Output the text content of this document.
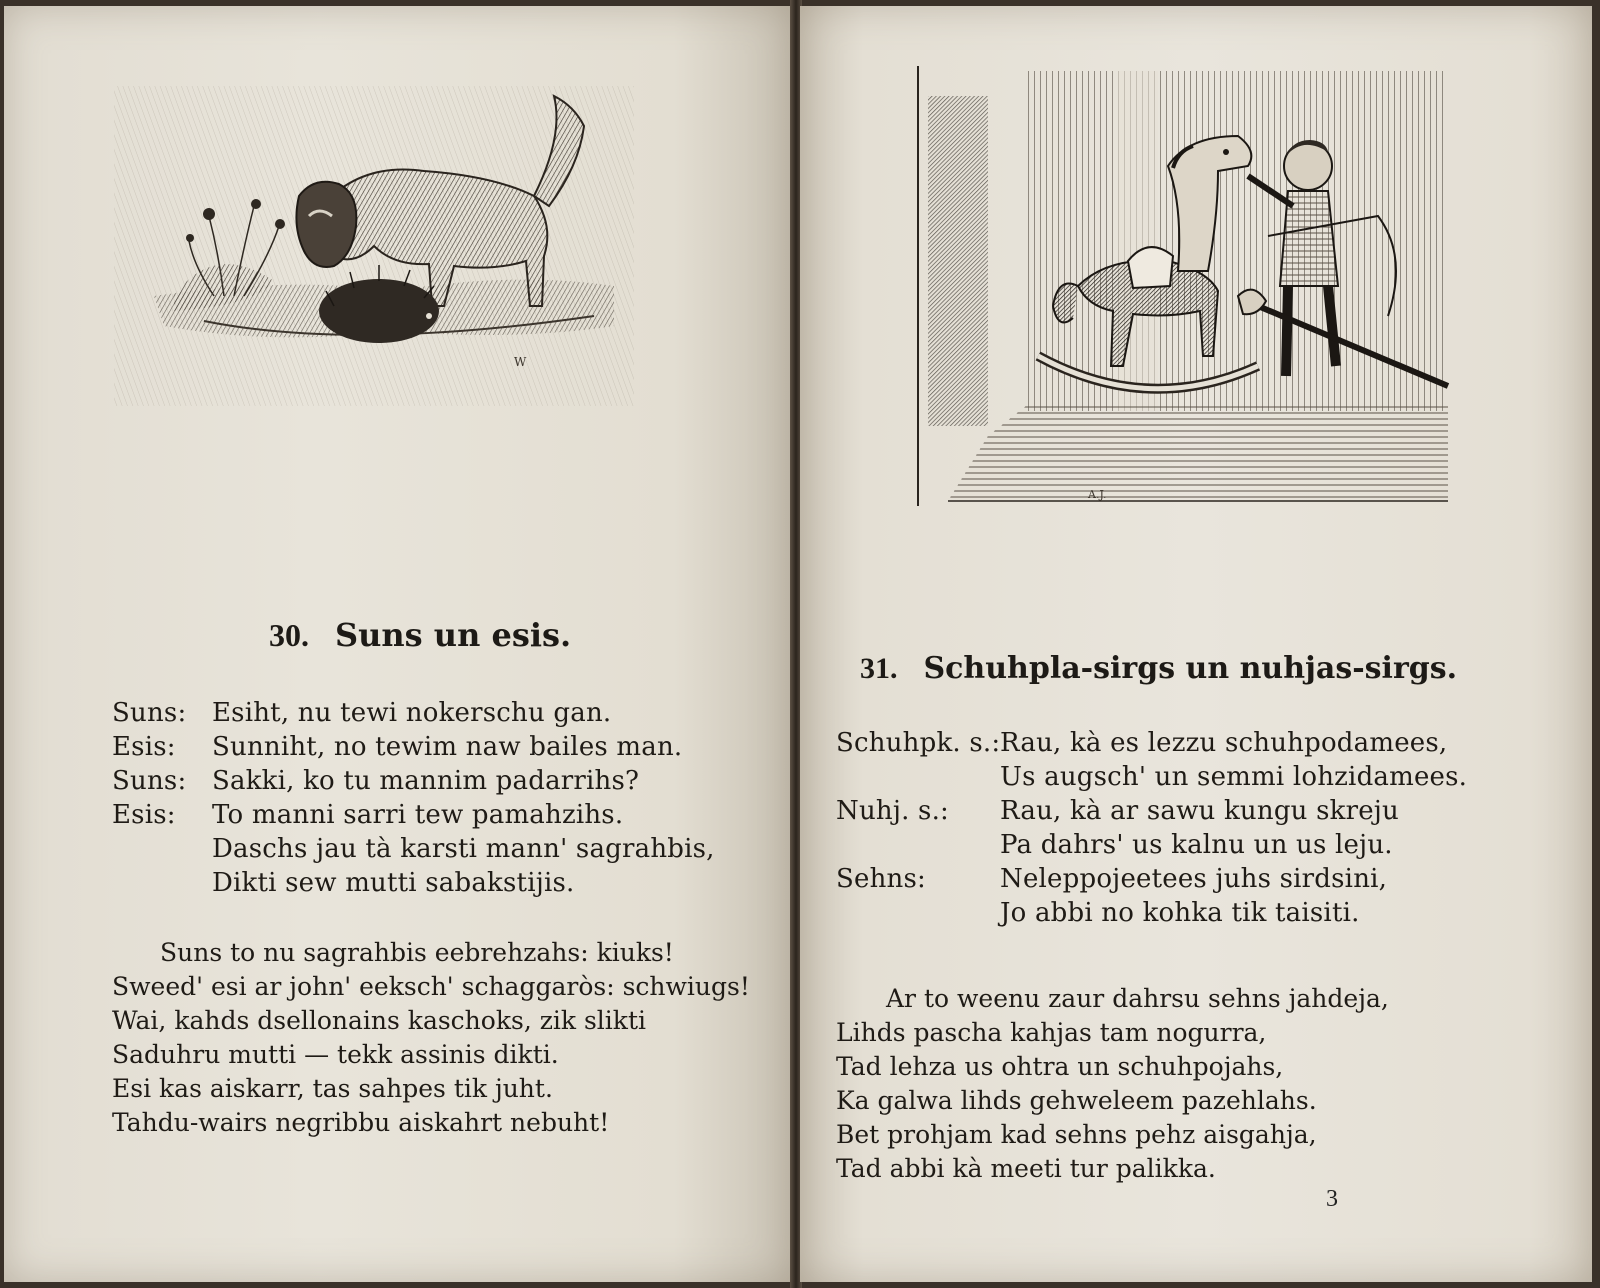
W
30. Suns un esis.
Suns: Esiht, nu tewi nokerschu gan.
Esis:	Sunniht, no tewim naw bailes man.
Suns: Sakki, ko tu mannim padarrihs?
Esis:	To manni sarri tew pamahzihs.
Daschs jau tà karsti mann' sagrahbis,
Dikti sew mutti sabakstijis.
Suns to nu sagrahbis eebrehzahs: kiuks!
Sweed' esi ar john' eeksch' schaggaròs: schwiugs!
Wai, kahds dsellonains kaschoks, zik slikti
Saduhru mutti — tekk assinis dikti.
Esi kas aiskarr, tas sahpes tik juht.
Tahdu-wairs negribbu aiskahrt nebuht!
A.J.
31. Schuhpla-sirgs un nuhjas-sirgs.
Schuhpk. s.: Rau, kà es lezzu schuhpodamees,
Us augsch' un semmi lohzidamees.
Nuhj. s.:	Rau, kà ar sawu kungu skreju
Pa dahrs' us kalnu un us leju.
Sehns:	Neleppojeetees juhs sirdsini,
Jo abbi no kohka tik taisiti.
Ar to weenu zaur dahrsu sehns jahdeja,
Lihds pascha kahjas tam nogurra,
Tad lehza us ohtra un schuhpojahs,
Ka galwa lihds gehweleem pazehlahs.
Bet prohjam kad sehns pehz aisgahja,
Tad abbi kà meeti tur palikka.
3
